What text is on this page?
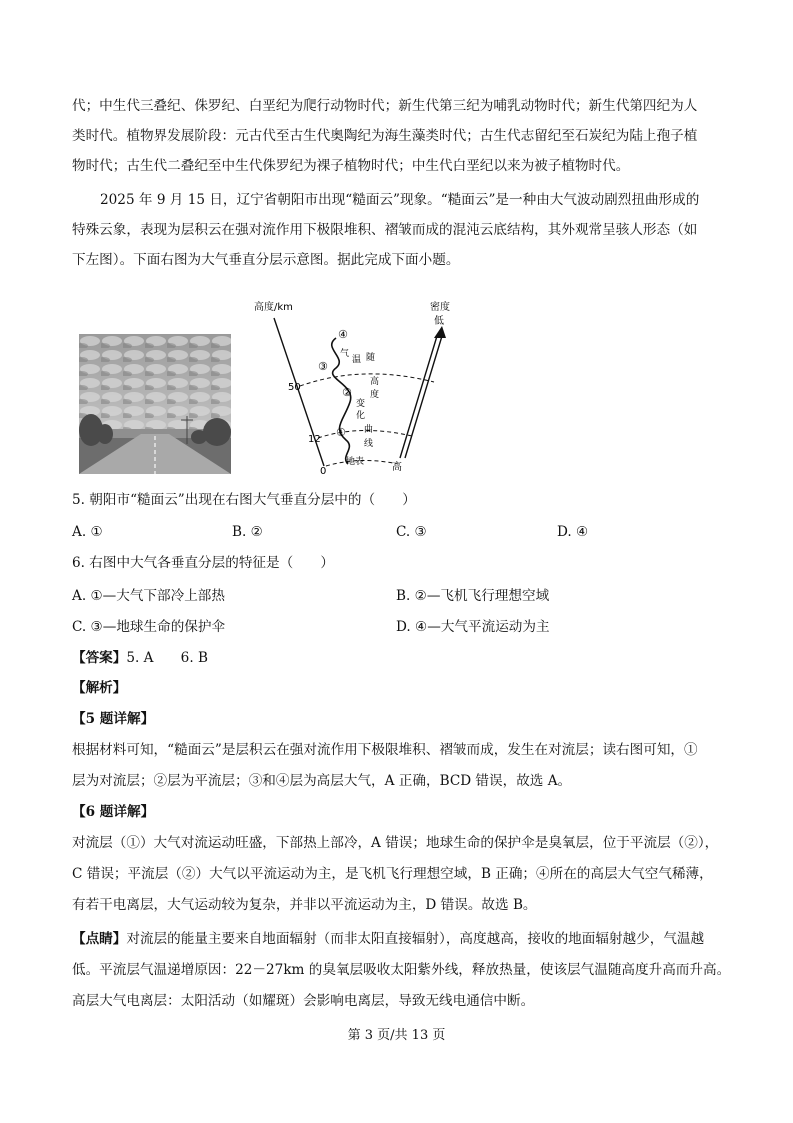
代；中生代三叠纪、侏罗纪、白垩纪为爬行动物时代；新生代第三纪为哺乳动物时代；新生代第四纪为人
类时代。植物界发展阶段：元古代至古生代奥陶纪为海生藻类时代；古生代志留纪至石炭纪为陆上孢子植
物时代；古生代二叠纪至中生代侏罗纪为裸子植物时代；中生代白垩纪以来为被子植物时代。
2025 年 9 月 15 日，辽宁省朝阳市出现“糙面云”现象。“糙面云”是一种由大气波动剧烈扭曲形成的
特殊云象，表现为层积云在强对流作用下极限堆积、褶皱而成的混沌云底结构，其外观常呈骇人形态（如
下左图）。下面右图为大气垂直分层示意图。据此完成下面小题。
高度/km	密度
低
高
50
12
0
地表
④
③
②
①
气
温 随
高
度
变
化
曲
线
5. 朝阳市“糙面云”出现在右图大气垂直分层中的（　　）
A. ①	B. ②	C. ③	D. ④
6. 右图中大气各垂直分层的特征是（　　）
A. ①—大气下部冷上部热	B. ②—飞机飞行理想空域
C. ③—地球生命的保护伞	D. ④—大气平流运动为主
【答案】5. A　　6. B
【解析】
【5 题详解】
根据材料可知，“糙面云”是层积云在强对流作用下极限堆积、褶皱而成，发生在对流层；读右图可知，①
层为对流层；②层为平流层；③和④层为高层大气，A 正确，BCD 错误，故选 A。
【6 题详解】
对流层（①）大气对流运动旺盛，下部热上部冷，A 错误；地球生命的保护伞是臭氧层，位于平流层（②），
C 错误；平流层（②）大气以平流运动为主，是飞机飞行理想空域，B 正确；④所在的高层大气空气稀薄，
有若干电离层，大气运动较为复杂，并非以平流运动为主，D 错误。故选 B。
【点睛】对流层的能量主要来自地面辐射（而非太阳直接辐射），高度越高，接收的地面辐射越少，气温越
低。平流层气温递增原因：22－27km 的臭氧层吸收太阳紫外线，释放热量，使该层气温随高度升高而升高。
高层大气电离层：太阳活动（如耀斑）会影响电离层，导致无线电通信中断。
第 3 页/共 13 页
